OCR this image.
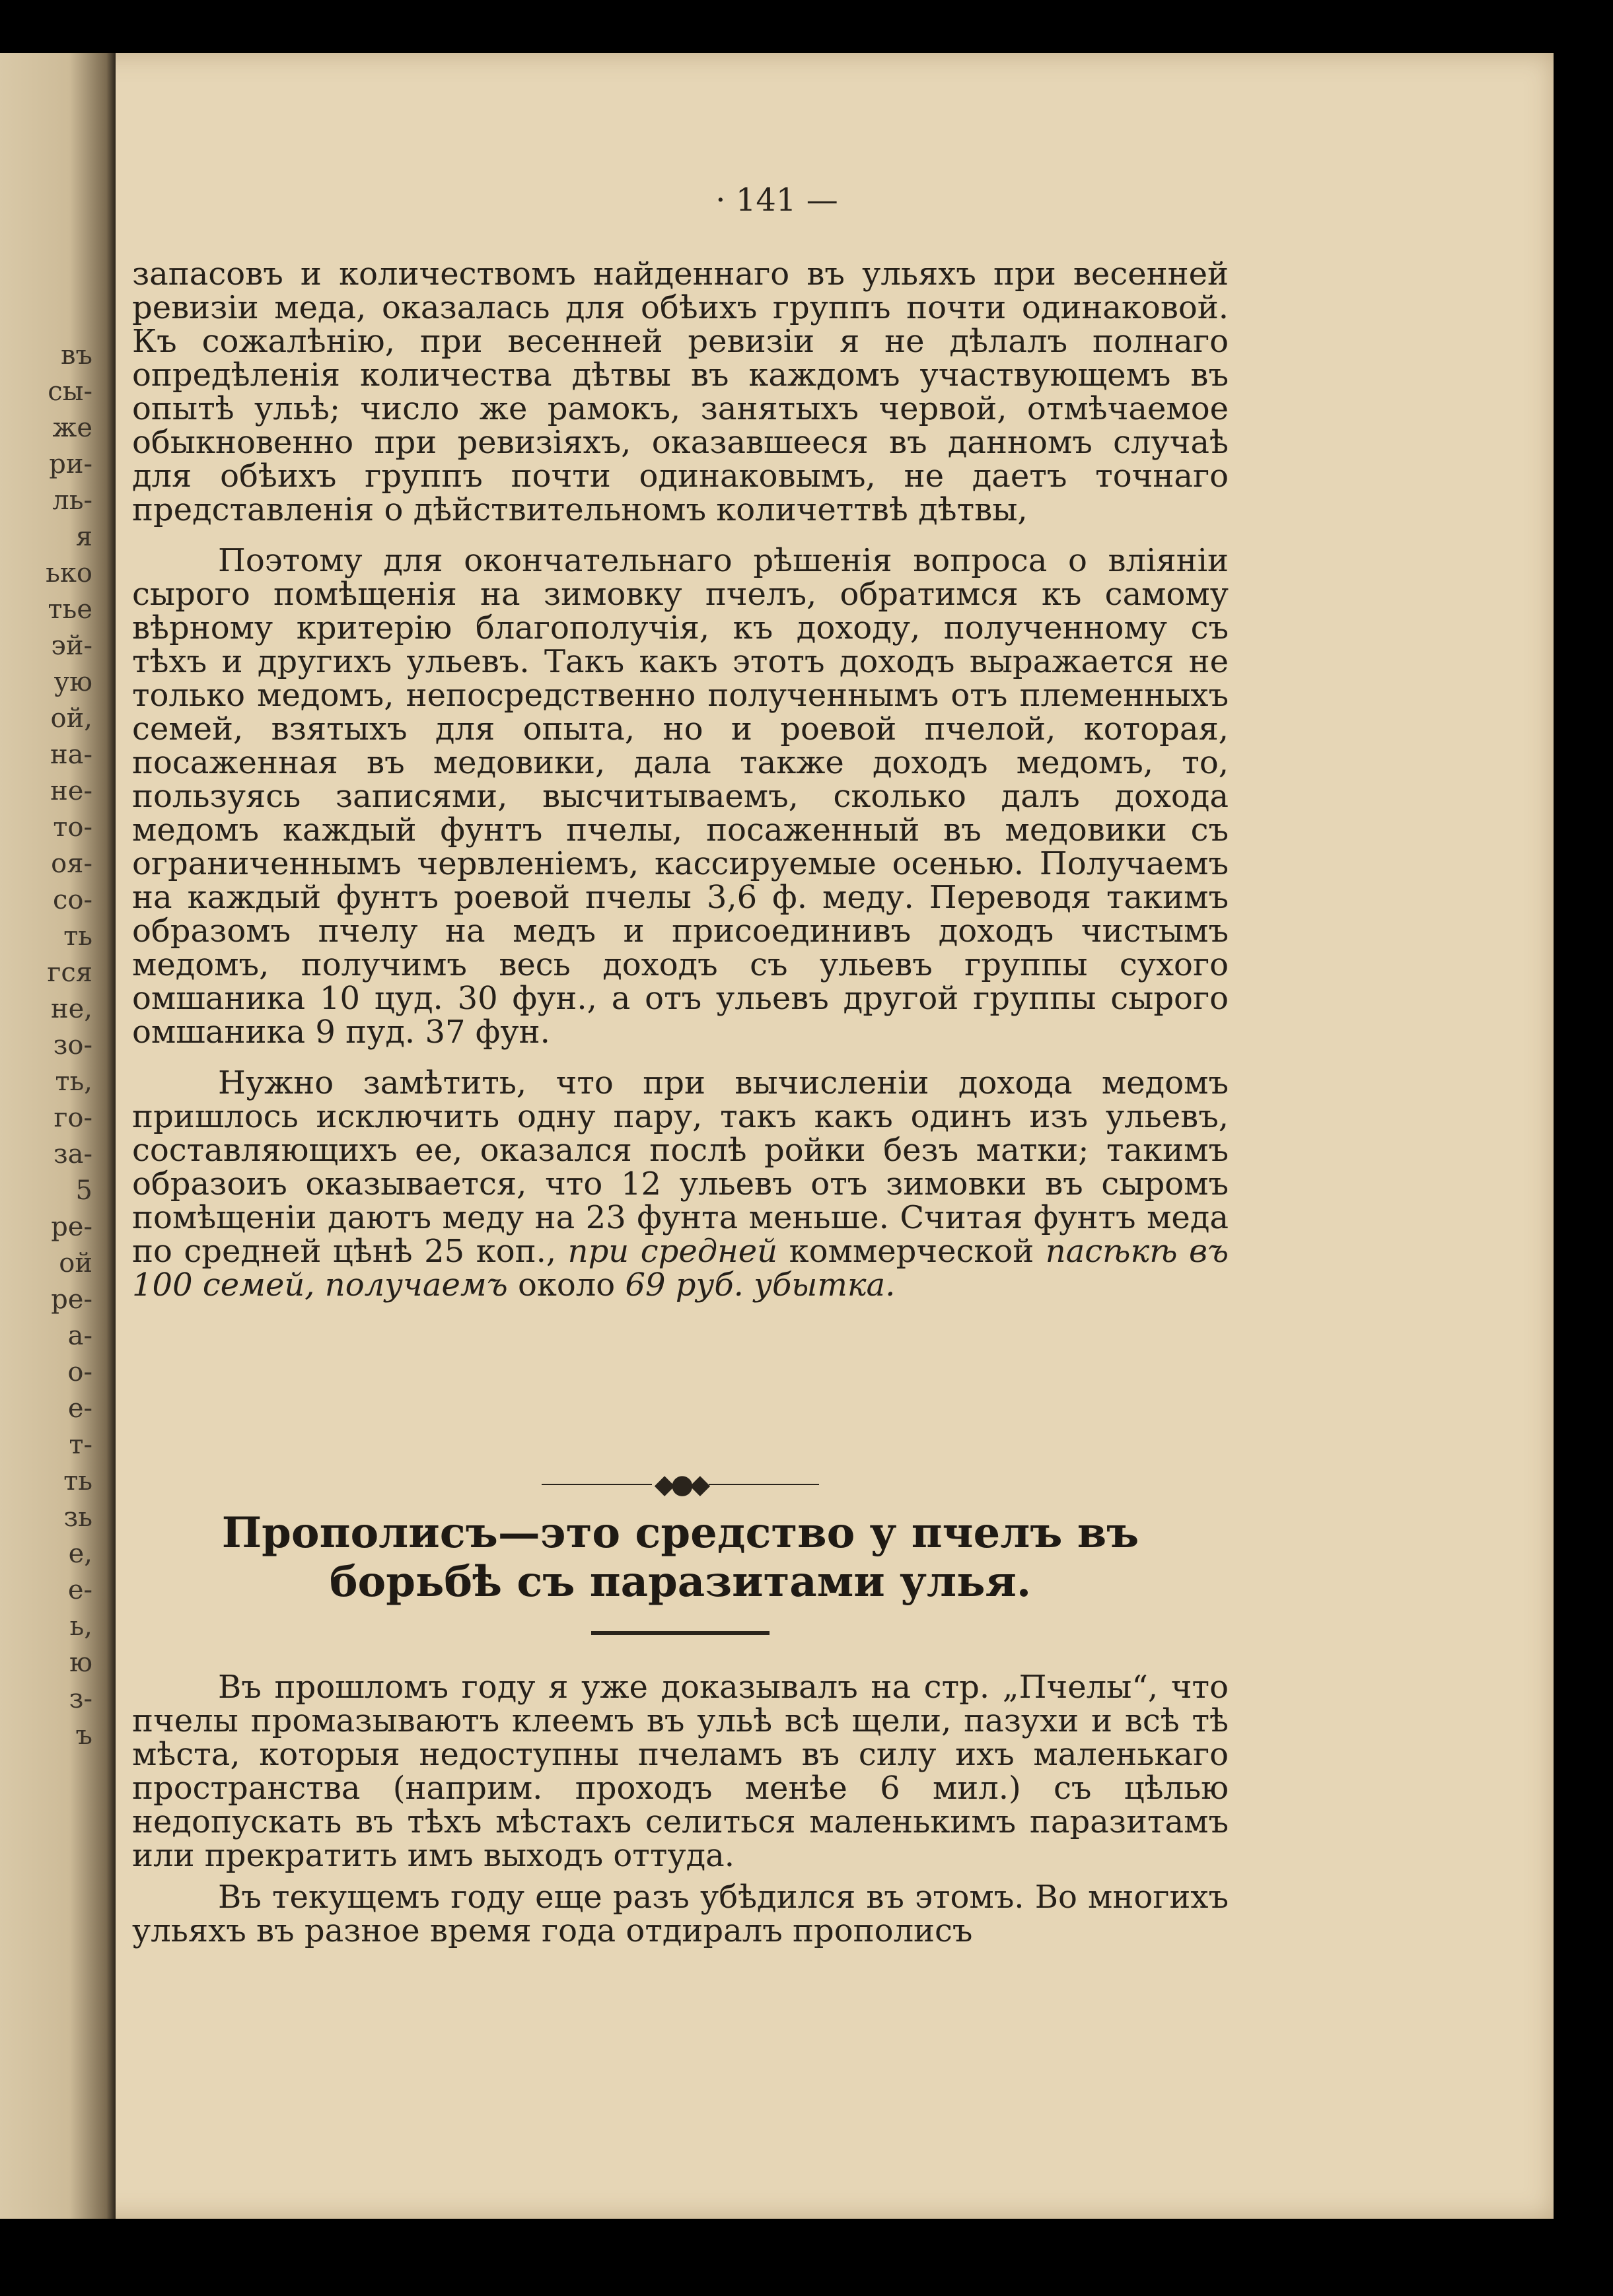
въ
сы-
же
ри-
ль-
я
ько
тье
эй-
ую
ой,
на-
не-
то-
оя-
со-
ть
гся
не,
зо-
ть,
го-
за-
5
ре-
ой
ре-
а-
о-
е-
т-
ть
зь
е,
е-
ь,
ю
з-
ъ
· 141 —

запасовъ и количествомъ найденнаго въ ульяхъ при весенней ревизіи меда, оказалась для обѣихъ группъ почти одинаковой. Къ сожалѣнію, при весенней ревизіи я не дѣлалъ полнаго опредѣленія количества дѣтвы въ каждомъ участвующемъ въ опытѣ ульѣ; число же рамокъ, занятыхъ червой, отмѣчаемое обыкновенно при ревизіяхъ, оказавшееся въ данномъ случаѣ для обѣихъ группъ почти одинаковымъ, не даетъ точнаго представленія о дѣйствительномъ количеттвѣ дѣтвы,

Поэтому для окончательнаго рѣшенія вопроса о вліяніи сырого помѣщенія на зимовку пчелъ, обратимся къ самому вѣрному критерію благополучія, къ доходу, полученному съ тѣхъ и другихъ ульевъ. Такъ какъ этотъ доходъ выражается не только медомъ, непосредственно полученнымъ отъ племенныхъ семей, взятыхъ для опыта, но и роевой пчелой, которая, посаженная въ медовики, дала также доходъ медомъ, то, пользуясь записями, высчитываемъ, сколько далъ дохода медомъ каждый фунтъ пчелы, посаженный въ медовики съ ограниченнымъ червленіемъ, кассируемые осенью. Получаемъ на каждый фунтъ роевой пчелы 3,6 ф. меду. Переводя такимъ образомъ пчелу на медъ и присоединивъ доходъ чистымъ медомъ, получимъ весь доходъ съ ульевъ группы сухого омшаника 10 цуд. 30 фун., а отъ ульевъ другой группы сырого омшаника 9 пуд. 37 фун.

Нужно замѣтить, что при вычисленіи дохода медомъ пришлось исключить одну пару, такъ какъ одинъ изъ ульевъ, составляющихъ ее, оказался послѣ ройки безъ матки; такимъ образоиъ оказывается, что 12 ульевъ отъ зимовки въ сыромъ помѣщеніи даютъ меду на 23 фунта меньше. Считая фунтъ меда по средней цѣнѣ 25 коп., при средней коммерческой пасѣкѣ въ 100 семей, получаемъ около 69 руб. убытка.

◆●◆
Прополисъ—это средство у пчелъ въ борьбѣ съ паразитами улья.

Въ прошломъ году я уже доказывалъ на стр. „Пчелы“, что пчелы промазываютъ клеемъ въ ульѣ всѣ щели, пазухи и всѣ тѣ мѣста, которыя недоступны пчеламъ въ силу ихъ маленькаго пространства (наприм. проходъ менѣе 6 мил.) съ цѣлью недопускать въ тѣхъ мѣстахъ селиться маленькимъ паразитамъ или прекратить имъ выходъ оттуда.

Въ текущемъ году еще разъ убѣдился въ этомъ. Во многихъ ульяхъ въ разное время года отдиралъ прополисъ
